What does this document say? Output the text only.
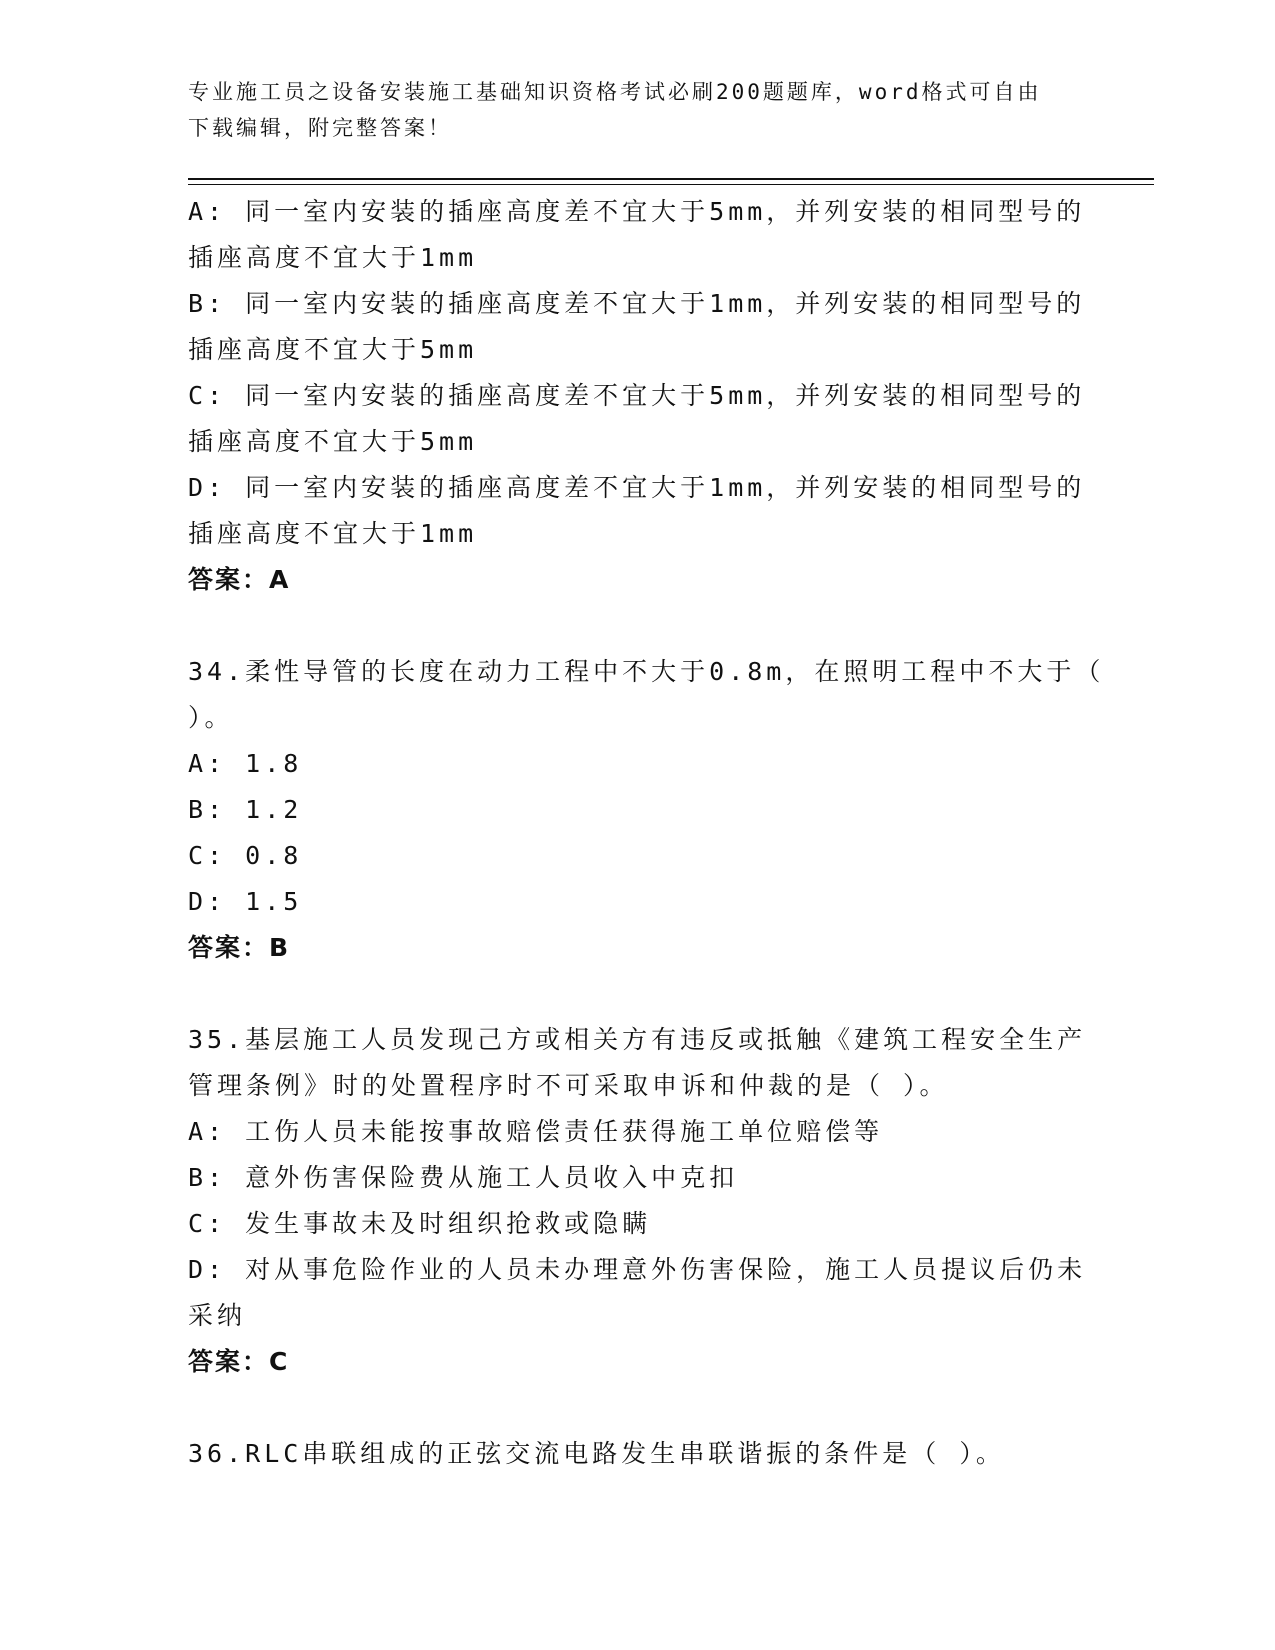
专业施工员之设备安装施工基础知识资格考试必刷200题题库，word格式可自由
下载编辑，附完整答案！
A: 同一室内安装的插座高度差不宜大于5mm，并列安装的相同型号的
插座高度不宜大于1mm
B: 同一室内安装的插座高度差不宜大于1mm，并列安装的相同型号的
插座高度不宜大于5mm
C: 同一室内安装的插座高度差不宜大于5mm，并列安装的相同型号的
插座高度不宜大于5mm
D: 同一室内安装的插座高度差不宜大于1mm，并列安装的相同型号的
插座高度不宜大于1mm
答案：A
34.柔性导管的长度在动力工程中不大于0.8m，在照明工程中不大于（
）。
A: 1.8
B: 1.2
C: 0.8
D: 1.5
答案：B
35.基层施工人员发现己方或相关方有违反或抵触《建筑工程安全生产
管理条例》时的处置程序时不可采取申诉和仲裁的是（ ）。
A: 工伤人员未能按事故赔偿责任获得施工单位赔偿等
B: 意外伤害保险费从施工人员收入中克扣
C: 发生事故未及时组织抢救或隐瞒
D: 对从事危险作业的人员未办理意外伤害保险，施工人员提议后仍未
采纳
答案：C
36.RLC串联组成的正弦交流电路发生串联谐振的条件是（ ）。
